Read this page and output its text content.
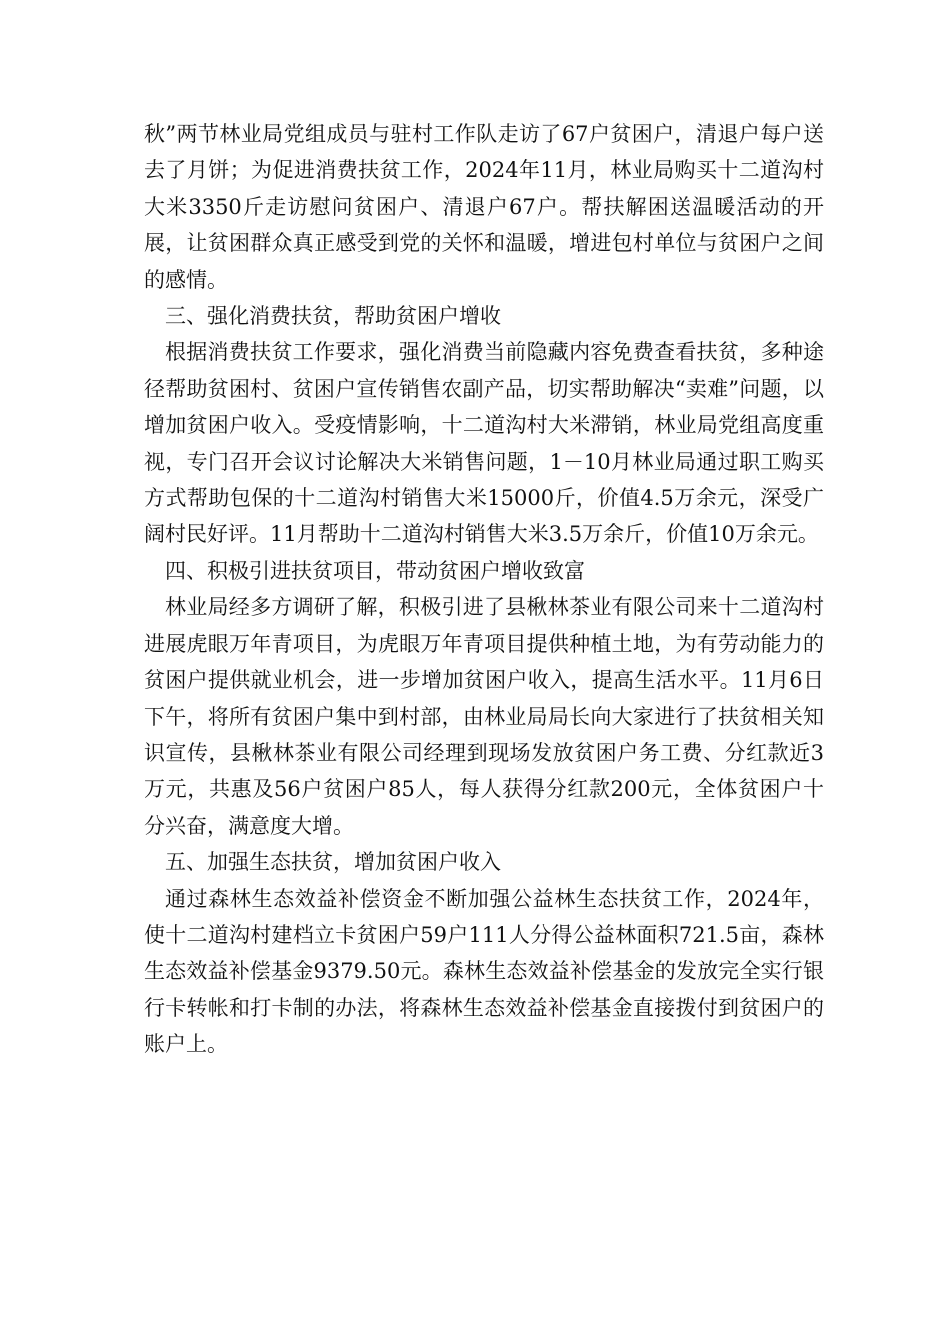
秋”两节林业局党组成员与驻村工作队走访了67户贫困户，清退户每户送去了月饼；为促进消费扶贫工作，2024年11月，林业局购买十二道沟村大米3350斤走访慰问贫困户、清退户67户。帮扶解困送温暖活动的开展，让贫困群众真正感受到党的关怀和温暖，增进包村单位与贫困户之间的感情。

三、强化消费扶贫，帮助贫困户增收

根据消费扶贫工作要求，强化消费当前隐藏内容免费查看扶贫，多种途径帮助贫困村、贫困户宣传销售农副产品，切实帮助解决“卖难”问题，以增加贫困户收入。受疫情影响，十二道沟村大米滞销，林业局党组高度重视，专门召开会议讨论解决大米销售问题，1－10月林业局通过职工购买方式帮助包保的十二道沟村销售大米15000斤，价值4.5万余元，深受广阔村民好评。11月帮助十二道沟村销售大米3.5万余斤，价值10万余元。

四、积极引进扶贫项目，带动贫困户增收致富

林业局经多方调研了解，积极引进了县楸林茶业有限公司来十二道沟村进展虎眼万年青项目，为虎眼万年青项目提供种植土地，为有劳动能力的贫困户提供就业机会，进一步增加贫困户收入，提高生活水平。11月6日下午，将所有贫困户集中到村部，由林业局局长向大家进行了扶贫相关知识宣传，县楸林茶业有限公司经理到现场发放贫困户务工费、分红款近3万元，共惠及56户贫困户85人，每人获得分红款200元，全体贫困户十分兴奋，满意度大增。

五、加强生态扶贫，增加贫困户收入

通过森林生态效益补偿资金不断加强公益林生态扶贫工作，2024年，使十二道沟村建档立卡贫困户59户111人分得公益林面积721.5亩，森林生态效益补偿基金9379.50元。森林生态效益补偿基金的发放完全实行银行卡转帐和打卡制的办法，将森林生态效益补偿基金直接拨付到贫困户的账户上。
